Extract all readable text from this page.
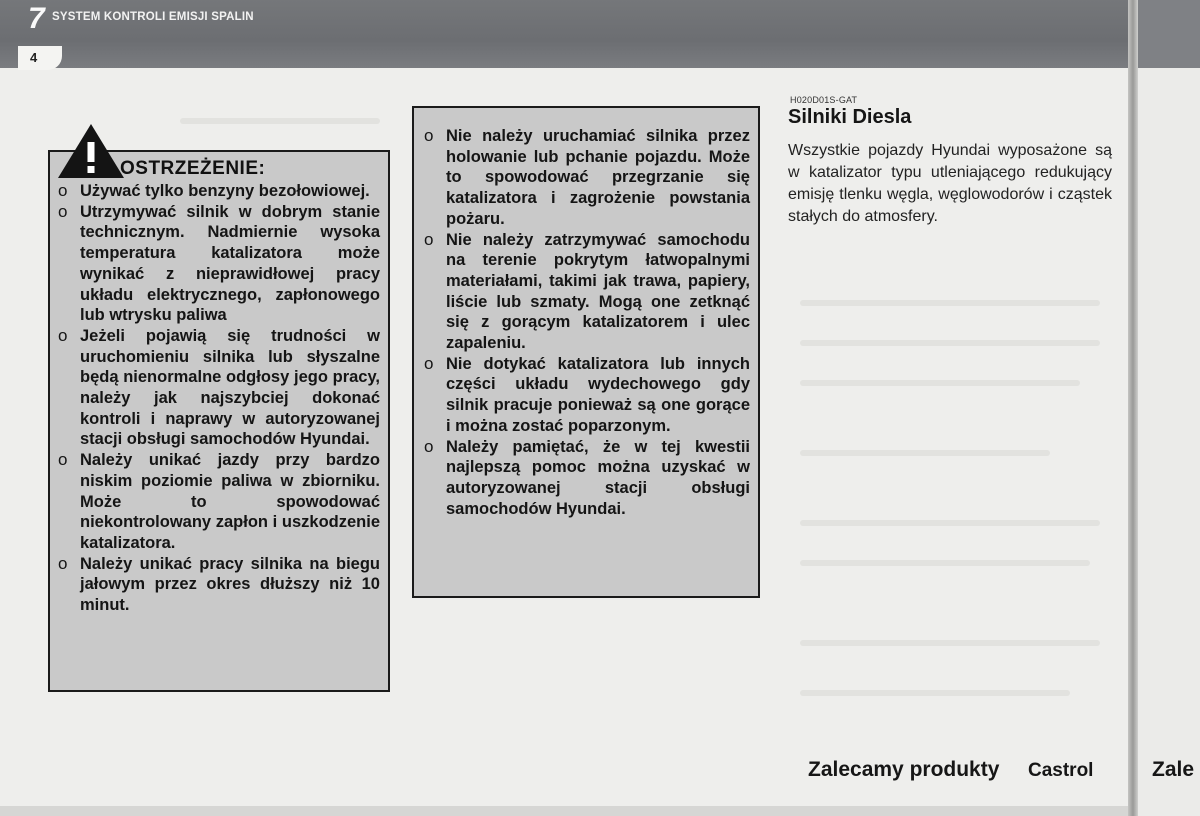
7 SYSTEM KONTROLI EMISJI SPALIN
4
OSTRZEŻENIE:
o Używać tylko benzyny bezołowiowej.
o Utrzymywać silnik w dobrym stanie technicznym. Nadmiernie wysoka temperatura katalizatora może wynikać z nieprawidłowej pracy układu elektrycznego, zapłonowego lub wtrysku paliwa
o Jeżeli pojawią się trudności w uruchomieniu silnika lub słyszalne będą nienormalne odgłosy jego pracy, należy jak najszybciej dokonać kontroli i naprawy w autoryzowanej stacji obsługi samochodów Hyundai.
o Należy unikać jazdy przy bardzo niskim poziomie paliwa w zbiorniku. Może to spowodować niekontrolowany zapłon i uszkodzenie katalizatora.
o Należy unikać pracy silnika na biegu jałowym przez okres dłuższy niż 10 minut.
o Nie należy uruchamiać silnika przez holowanie lub pchanie pojazdu. Może to spowodować przegrzanie się katalizatora i zagrożenie powstania pożaru.
o Nie należy zatrzymywać samochodu na terenie pokrytym łatwopalnymi materiałami, takimi jak trawa, papiery, liście lub szmaty. Mogą one zetknąć się z gorącym katalizatorem i ulec zapaleniu.
o Nie dotykać katalizatora lub innych części układu wydechowego gdy silnik pracuje ponieważ są one gorące i można zostać poparzonym.
o Należy pamiętać, że w tej kwestii najlepszą pomoc można uzyskać w autoryzowanej stacji obsługi samochodów Hyundai.
H020D01S-GAT
Silniki Diesla

Wszystkie pojazdy Hyundai wyposażone są w katalizator typu utleniającego redukujący emisję tlenku węgla, węglowodorów i cząstek stałych do atmosfery.

Zalecamy produkty Castrol	Zale
